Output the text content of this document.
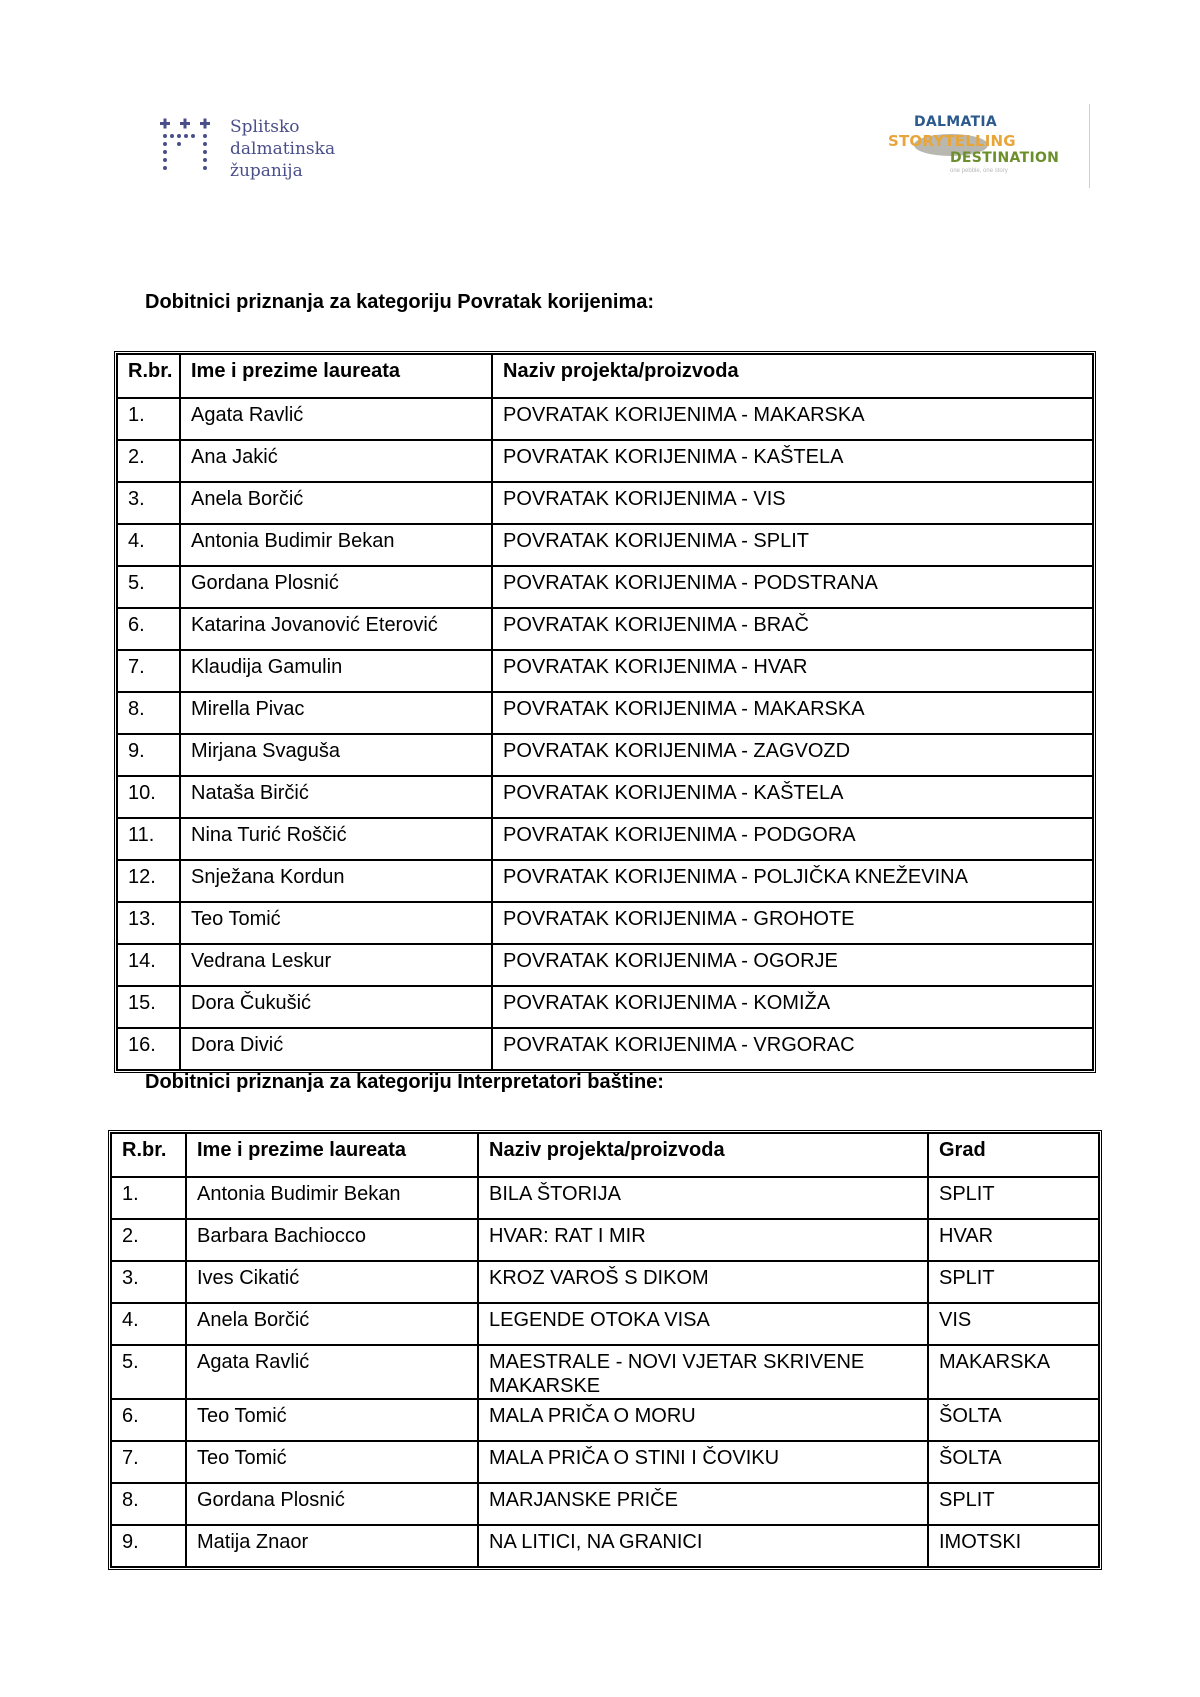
Splitsko
dalmatinska
županija
DALMATIA
STORYTELLING
DESTINATION
one pebble, one story
Dobitnici priznanja za kategoriju Povratak korijenima:
R.br.	Ime i prezime laureata	Naziv projekta/proizvoda
1.	Agata Ravlić	POVRATAK KORIJENIMA - MAKARSKA
2.	Ana Jakić	POVRATAK KORIJENIMA - KAŠTELA
3.	Anela Borčić	POVRATAK KORIJENIMA - VIS
4.	Antonia Budimir Bekan	POVRATAK KORIJENIMA - SPLIT
5.	Gordana Plosnić	POVRATAK KORIJENIMA - PODSTRANA
6.	Katarina Jovanović Eterović	POVRATAK KORIJENIMA - BRAČ
7.	Klaudija Gamulin	POVRATAK KORIJENIMA - HVAR
8.	Mirella Pivac	POVRATAK KORIJENIMA - MAKARSKA
9.	Mirjana Svaguša	POVRATAK KORIJENIMA - ZAGVOZD
10.	Nataša Birčić	POVRATAK KORIJENIMA - KAŠTELA
11.	Nina Turić Roščić	POVRATAK KORIJENIMA - PODGORA
12.	Snježana Kordun	POVRATAK KORIJENIMA - POLJIČKA KNEŽEVINA
13.	Teo Tomić	POVRATAK KORIJENIMA - GROHOTE
14.	Vedrana Leskur	POVRATAK KORIJENIMA - OGORJE
15.	Dora Čukušić	POVRATAK KORIJENIMA - KOMIŽA
16.	Dora Divić	POVRATAK KORIJENIMA - VRGORAC
Dobitnici priznanja za kategoriju Interpretatori baštine:
R.br.	Ime i prezime laureata	Naziv projekta/proizvoda	Grad
1.	Antonia Budimir Bekan	BILA ŠTORIJA	SPLIT
2.	Barbara Bachiocco	HVAR: RAT I MIR	HVAR
3.	Ives Cikatić	KROZ VAROŠ S DIKOM	SPLIT
4.	Anela Borčić	LEGENDE OTOKA VISA	VIS
5.	Agata Ravlić	MAESTRALE - NOVI VJETAR SKRIVENE MAKARSKE	MAKARSKA
6.	Teo Tomić	MALA PRIČA O MORU	ŠOLTA
7.	Teo Tomić	MALA PRIČA O STINI I ČOVIKU	ŠOLTA
8.	Gordana Plosnić	MARJANSKE PRIČE	SPLIT
9.	Matija Znaor	NA LITICI, NA GRANICI	IMOTSKI
